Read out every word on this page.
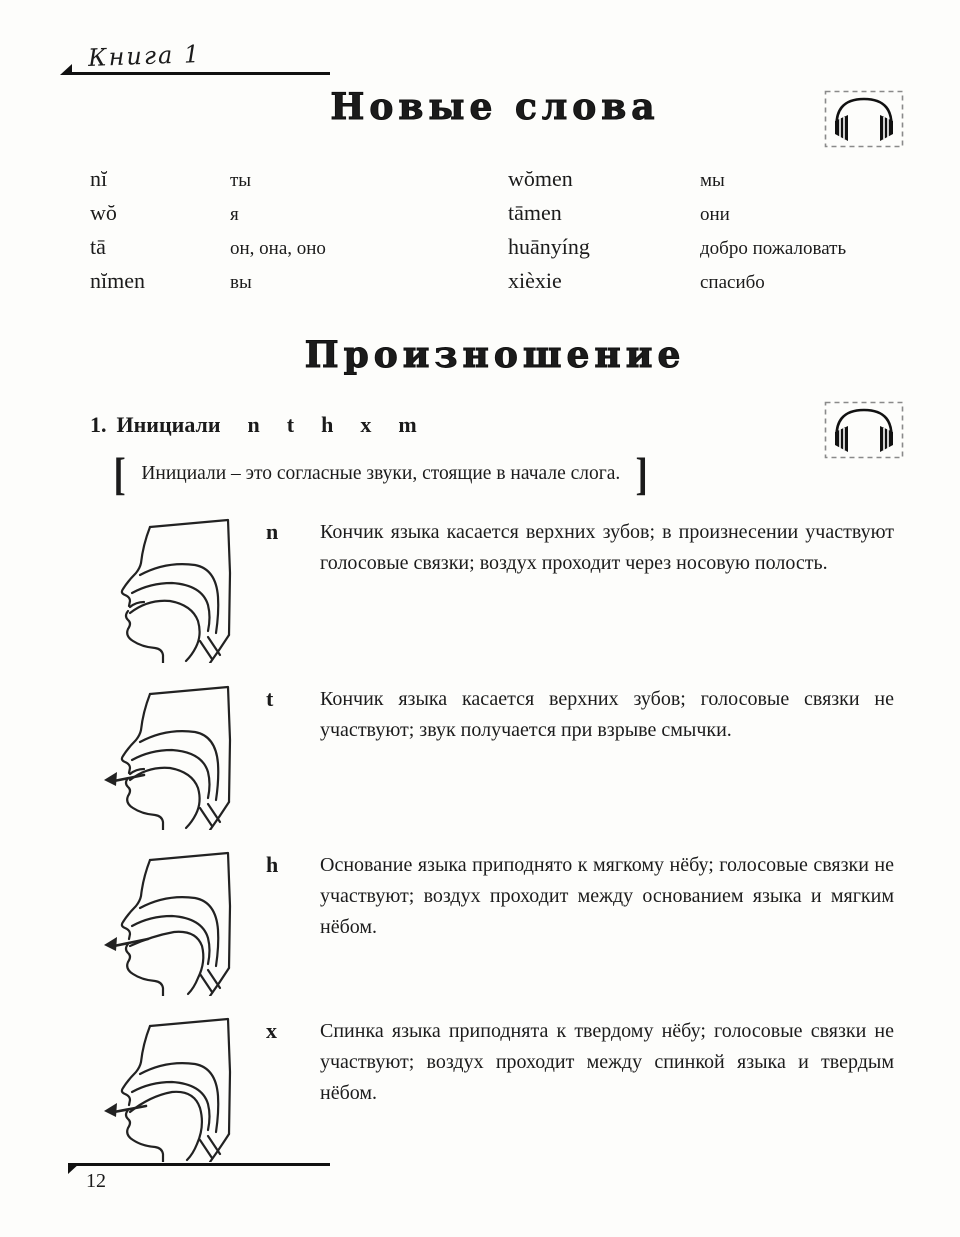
Книга 1
Новые слова
nĭ	ты
wŏ	я
tā	он, она, оно
nĭmen	вы
wŏmen	мы
tāmen	они
huānyíng	добро пожаловать
xièxie	спасибо
Произношение
1. Инициали n t h x m
[ Инициали – это согласные звуки, стоящие в начале слога. ]
n Кончик языка касается верхних зубов; в произнесении участвуют голосовые связки; воздух проходит через носовую полость.
t Кончик языка касается верхних зубов; голосовые связки не участвуют; звук получается при взрыве смычки.
h Основание языка приподнято к мягкому нёбу; голосовые связки не участвуют; воздух проходит между основанием языка и мягким нёбом.
x Спинка языка приподнята к твердому нёбу; голосовые связки не участвуют; воздух проходит между спинкой языка и твердым нёбом.
12
